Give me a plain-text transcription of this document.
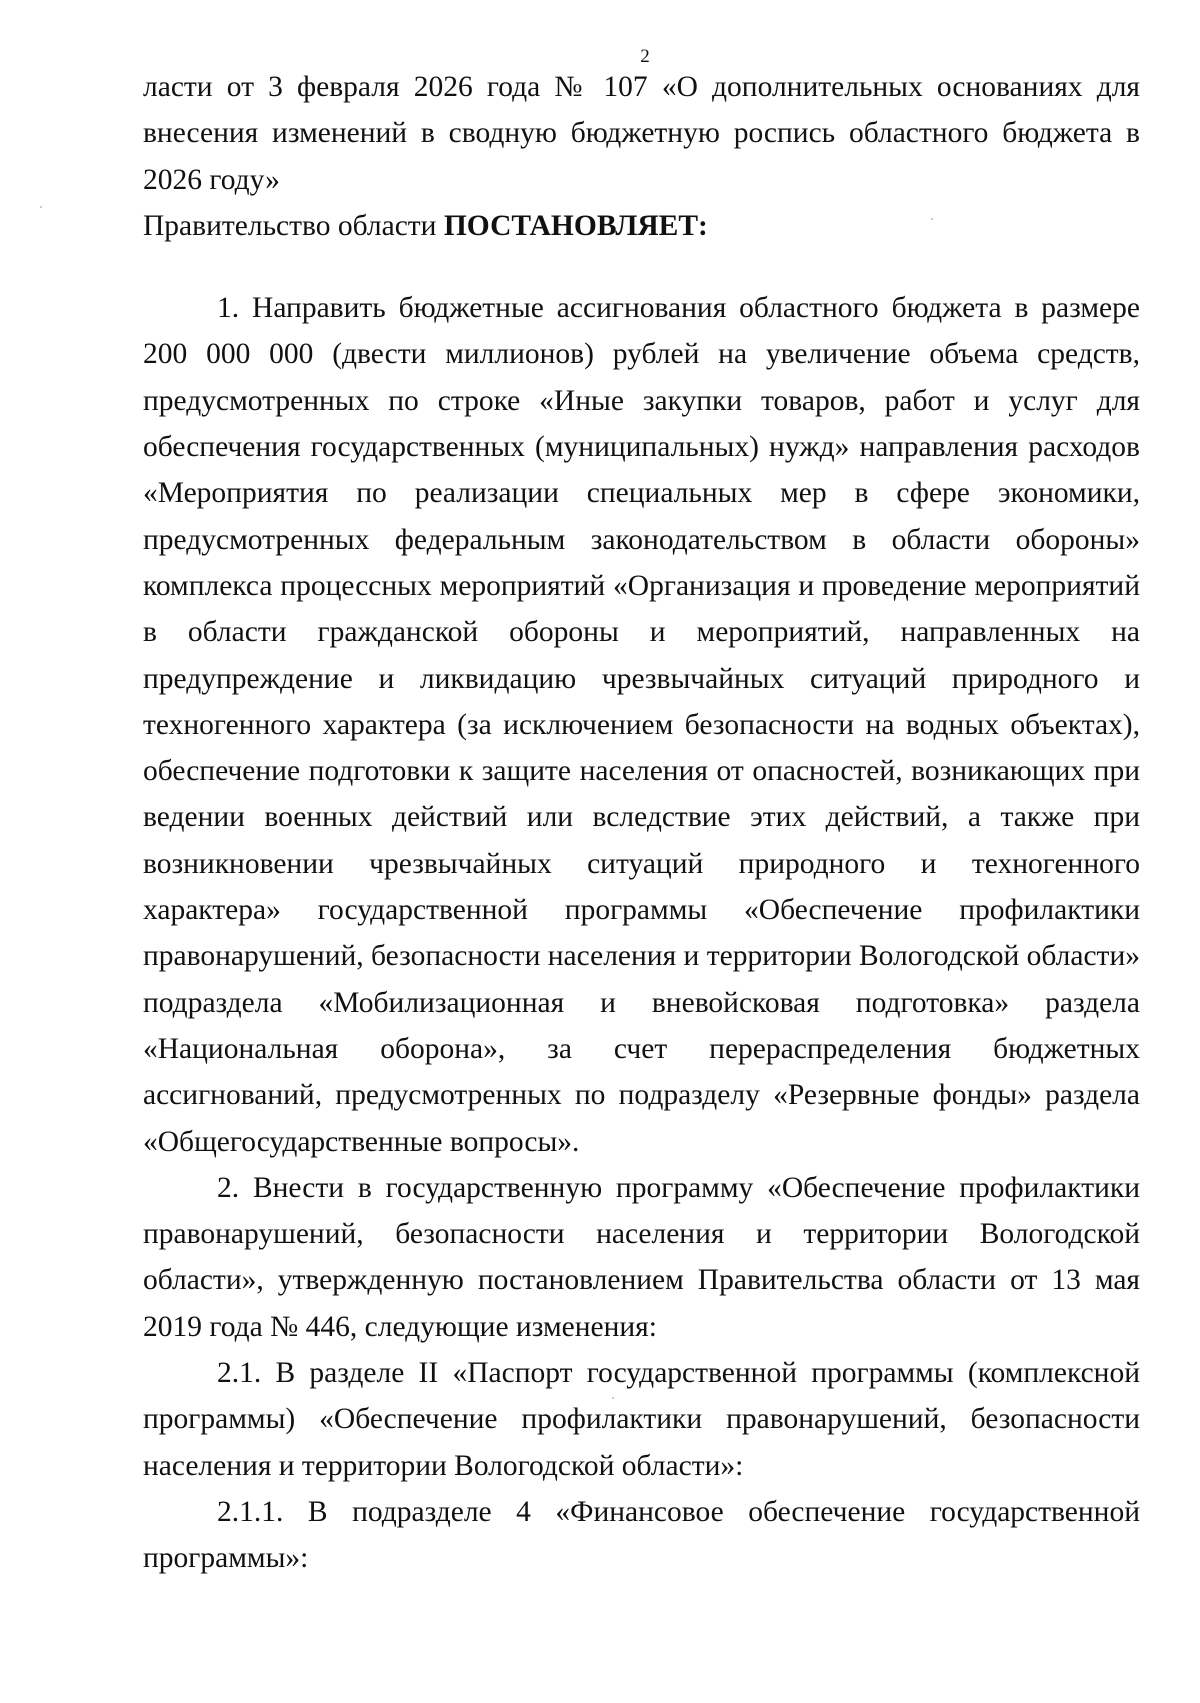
2

ласти от 3 февраля 2026 года № 107 «О дополнительных основаниях для внесения изменений в сводную бюджетную роспись областного бюджета в 2026 году»
Правительство области ПОСТАНОВЛЯЕТ:

1. Направить бюджетные ассигнования областного бюджета в размере 200 000 000 (двести миллионов) рублей на увеличение объема средств, предусмотренных по строке «Иные закупки товаров, работ и услуг для обеспечения государственных (муниципальных) нужд» направления расходов «Мероприятия по реализации специальных мер в сфере экономики, предусмотренных федеральным законодательством в области обороны» комплекса процессных мероприятий «Организация и проведение мероприятий в области гражданской обороны и мероприятий, направленных на предупреждение и ликвидацию чрезвычайных ситуаций природного и техногенного характера (за исключением безопасности на водных объектах), обеспечение подготовки к защите населения от опасностей, возникающих при ведении военных действий или вследствие этих действий, а также при возникновении чрезвычайных ситуаций природного и техногенного характера» государственной программы «Обеспечение профилактики правонарушений, безопасности населения и территории Вологодской области» подраздела «Мобилизационная и вневойсковая подготовка» раздела «Национальная оборона», за счет перераспределения бюджетных ассигнований, предусмотренных по подразделу «Резервные фонды» раздела «Общегосударственные вопросы».

2. Внести в государственную программу «Обеспечение профилактики правонарушений, безопасности населения и территории Вологодской области», утвержденную постановлением Правительства области от 13 мая 2019 года № 446, следующие изменения:

2.1. В разделе II «Паспорт государственной программы (комплексной программы) «Обеспечение профилактики правонарушений, безопасности населения и территории Вологодской области»:

2.1.1. В подразделе 4 «Финансовое обеспечение государственной программы»:
